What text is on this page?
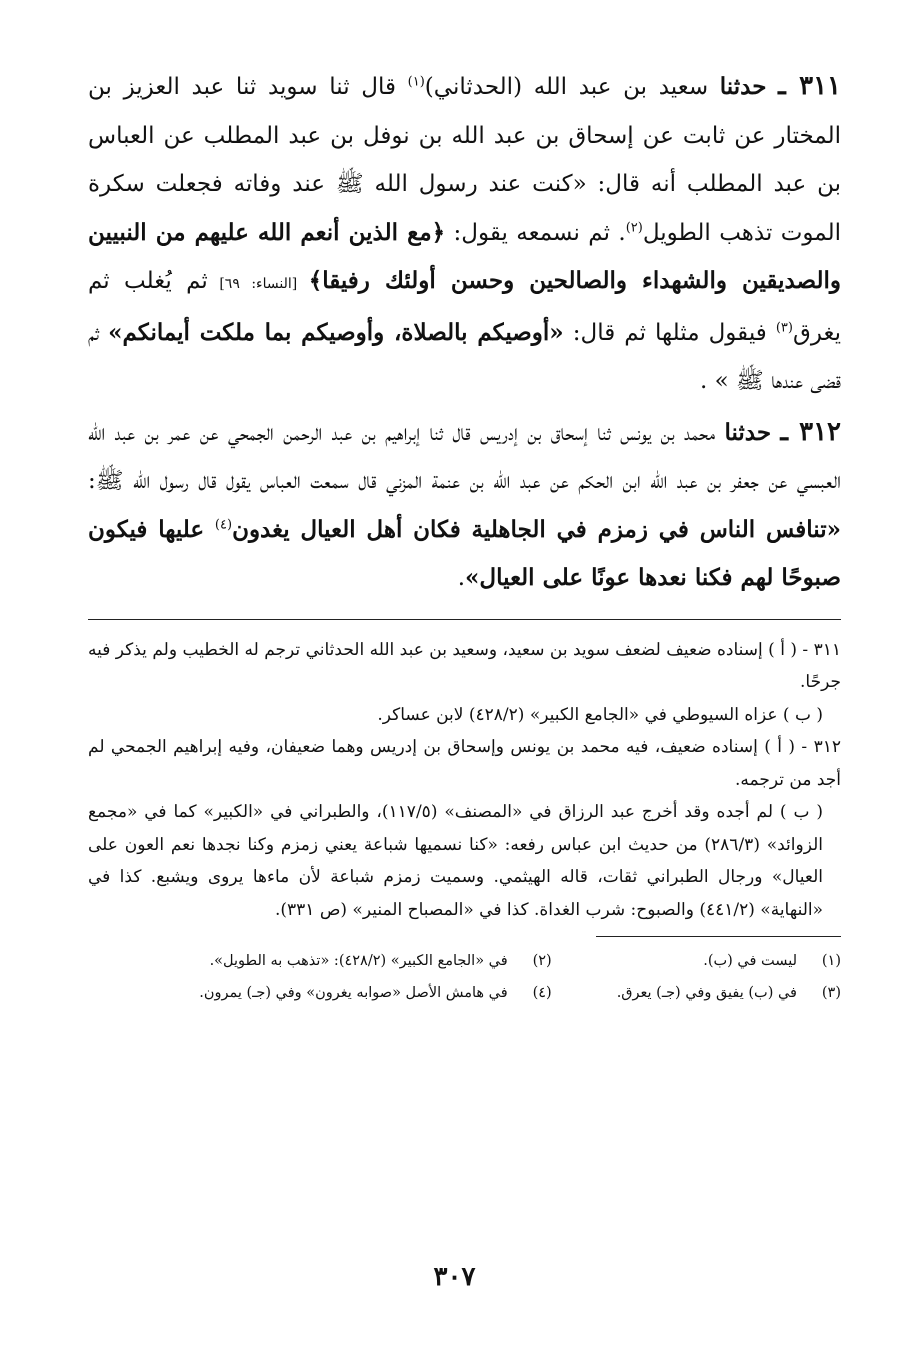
٣١١ ـ حدثنا سعيد بن عبد الله (الحدثاني)$^{(١)}$ قال ثنا سويد ثنا عبد العزيز بن المختار عن ثابت عن إسحاق بن عبد الله بن نوفل بن عبد المطلب عن العباس بن عبد المطلب أنه قال: «كنت عند رسول الله ﷺ عند وفاته فجعلت سكرة الموت تذهب الطويل$^{(٢)}$. ثم نسمعه يقول: ﴿مع الذين أنعم الله عليهم من النبيين والصديقين والشهداء والصالحين وحسن أولئك رفيقا﴾ [النساء: ٦٩] ثم يُغلب ثم يغرق$^{(٣)}$ فيقول مثلها ثم قال: «أوصيكم بالصلاة، وأوصيكم بما ملكت أيمانكم» ثم قضى عندها ﷺ » .

٣١٢ ـ حدثنا محمد بن يونس ثنا إسحاق بن إدريس قال ثنا إبراهيم بن عبد الرحمن الجمحي عن عمر بن عبد الله العبسي عن جعفر بن عبد الله ابن الحكم عن عبد الله بن عنمة المزني قال سمعت العباس يقول قال رسول الله ﷺ: «تنافس الناس في زمزم في الجاهلية فكان أهل العيال يغدون$^{(٤)}$ عليها فيكون صبوحًا لهم فكنا نعدها عونًا على العيال».

٣١١ - ( أ ) إسناده ضعيف لضعف سويد بن سعيد، وسعيد بن عبد الله الحدثاني ترجم له الخطيب ولم يذكر فيه جرحًا.

( ب ) عزاه السيوطي في «الجامع الكبير» (٤٢٨/٢) لابن عساكر.

٣١٢ - ( أ ) إسناده ضعيف، فيه محمد بن يونس وإسحاق بن إدريس وهما ضعيفان، وفيه إبراهيم الجمحي لم أجد من ترجمه.

( ب ) لم أجده وقد أخرج عبد الرزاق في «المصنف» (١١٧/٥)، والطبراني في «الكبير» كما في «مجمع الزوائد» (٢٨٦/٣) من حديث ابن عباس رفعه: «كنا نسميها شباعة يعني زمزم وكنا نجدها نعم العون على العيال» ورجال الطبراني ثقات، قاله الهيثمي. وسميت زمزم شباعة لأن ماءها يروى ويشبع. كذا في «النهاية» (٤٤١/٢) والصبوح: شرب الغداة. كذا في «المصباح المنير» (ص ٣٣١).

(١)	ليست في (ب).	(٢)	في «الجامع الكبير» (٤٢٨/٢): «تذهب به الطويل».
(٣)	في (ب) يفيق وفي (جـ) يعرق.	(٤)	في هامش الأصل «صوابه يغرون» وفي (جـ) يمرون.
٣٠٧
